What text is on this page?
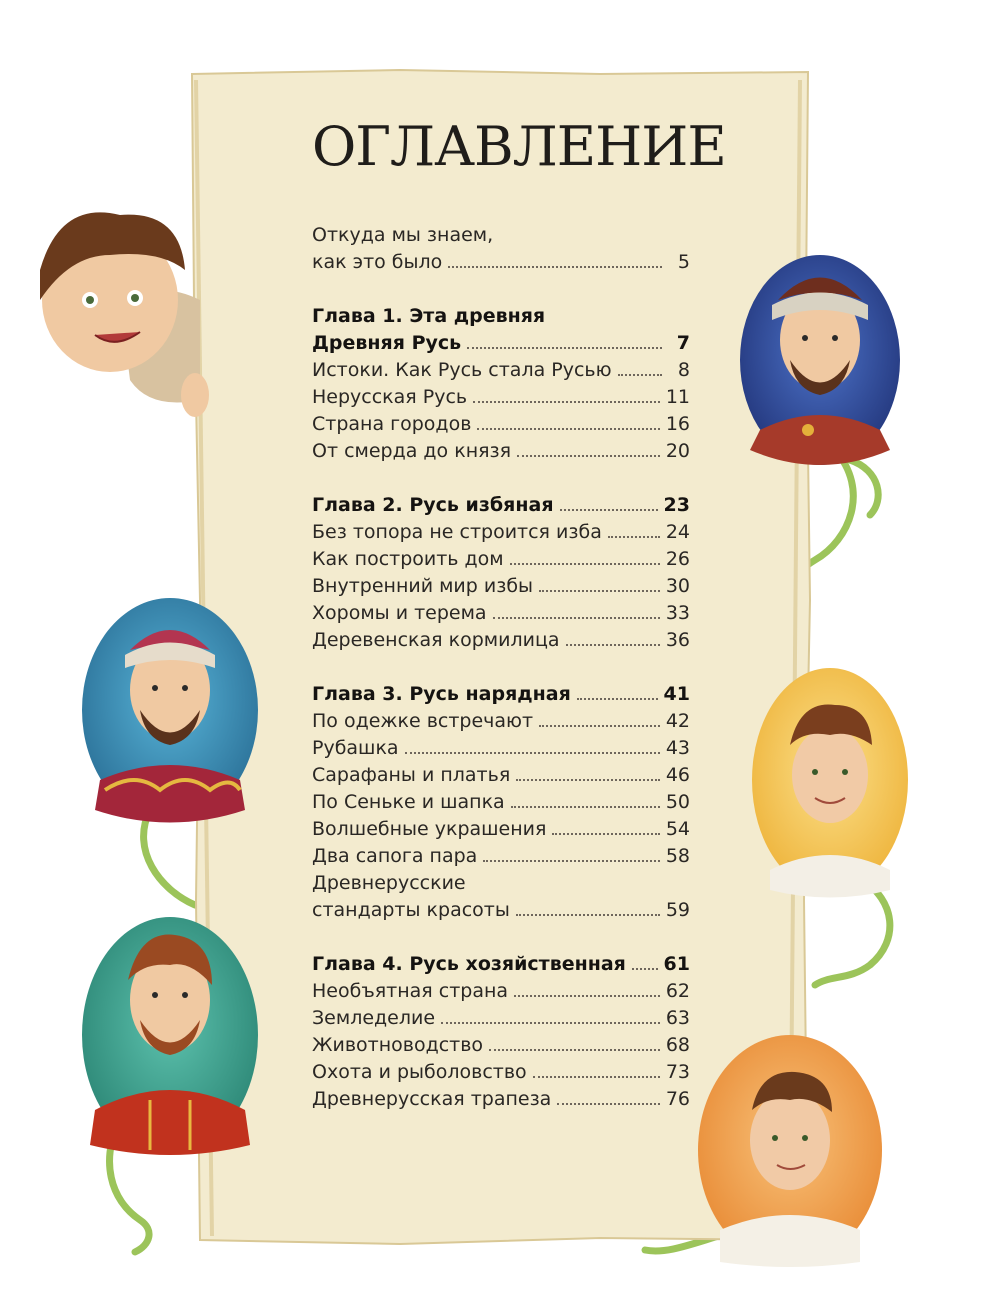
ОГЛАВЛЕНИЕ
Откуда мы знаем,
как это было	5
Глава 1. Эта древняя
Древняя Русь	7
Истоки. Как Русь стала Русью	8
Нерусская Русь	11
Страна городов	16
От смерда до князя	20
Глава 2. Русь избяная	23
Без топора не строится изба	24
Как построить дом	26
Внутренний мир избы	30
Хоромы и терема	33
Деревенская кормилица	36
Глава 3. Русь нарядная	41
По одежке встречают	42
Рубашка	43
Сарафаны и платья	46
По Сеньке и шапка	50
Волшебные украшения	54
Два сапога пара	58
Древнерусские
стандарты красоты	59
Глава 4. Русь хозяйственная 61
Необъятная страна	62
Земледелие	63
Животноводство	68
Охота и рыболовство	73
Древнерусская трапеза	76
